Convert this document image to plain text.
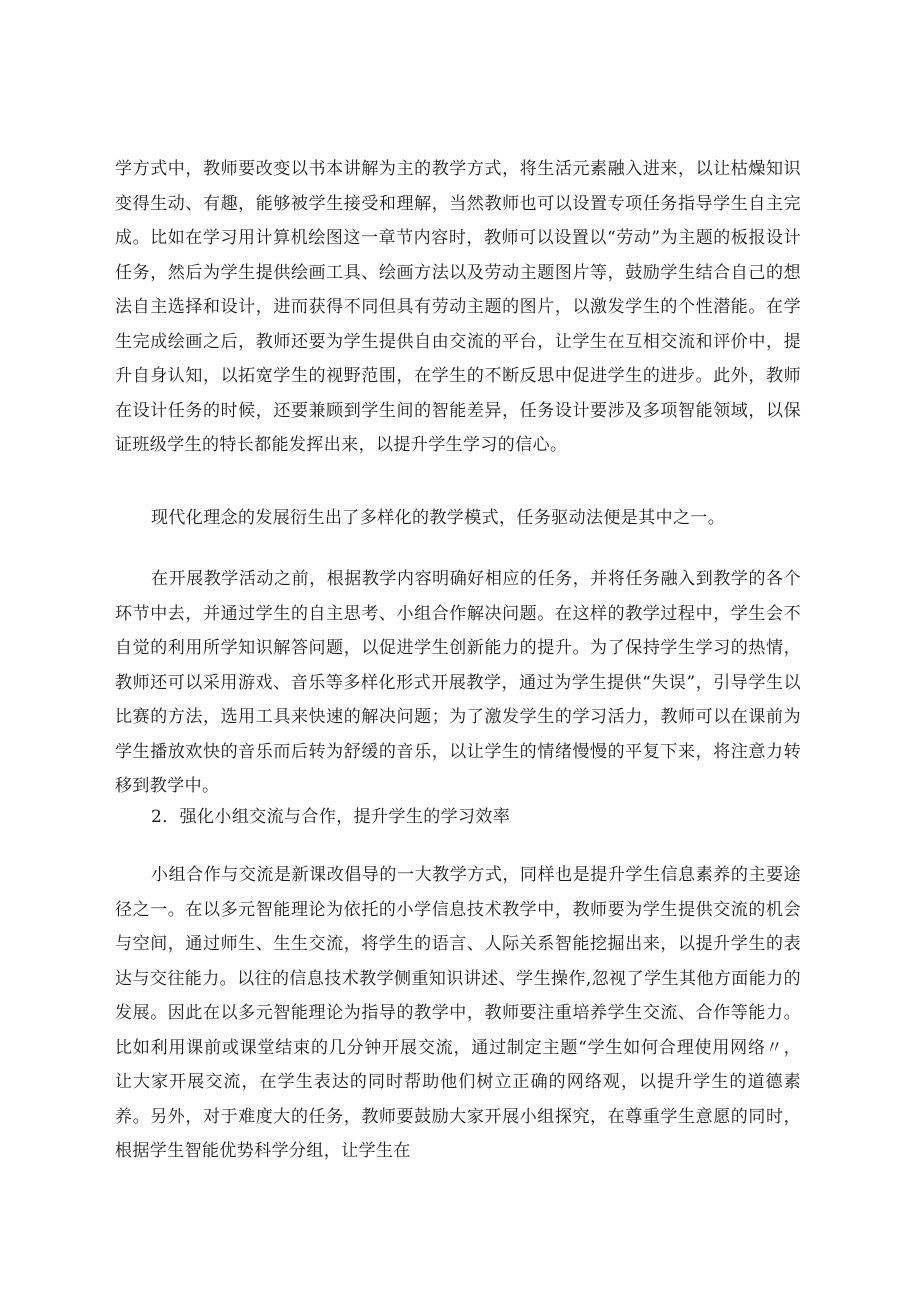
学方式中，教师要改变以书本讲解为主的教学方式，将生活元素融入进来，以让枯燥知识变得生动、有趣，能够被学生接受和理解，当然教师也可以设置专项任务指导学生自主完成。比如在学习用计算机绘图这一章节内容时，教师可以设置以“劳动”为主题的板报设计任务，然后为学生提供绘画工具、绘画方法以及劳动主题图片等，鼓励学生结合自己的想法自主选择和设计，进而获得不同但具有劳动主题的图片，以激发学生的个性潜能。在学生完成绘画之后，教师还要为学生提供自由交流的平台，让学生在互相交流和评价中，提升自身认知，以拓宽学生的视野范围，在学生的不断反思中促进学生的进步。此外，教师在设计任务的时候，还要兼顾到学生间的智能差异，任务设计要涉及多项智能领域，以保证班级学生的特长都能发挥出来，以提升学生学习的信心。

现代化理念的发展衍生出了多样化的教学模式，任务驱动法便是其中之一。

在开展教学活动之前，根据教学内容明确好相应的任务，并将任务融入到教学的各个环节中去，并通过学生的自主思考、小组合作解决问题。在这样的教学过程中，学生会不自觉的利用所学知识解答问题，以促进学生创新能力的提升。为了保持学生学习的热情，教师还可以采用游戏、音乐等多样化形式开展教学，通过为学生提供“失误”，引导学生以比赛的方法，选用工具来快速的解决问题；为了激发学生的学习活力，教师可以在课前为学生播放欢快的音乐而后转为舒缓的音乐，以让学生的情绪慢慢的平复下来，将注意力转移到教学中。

2．强化小组交流与合作，提升学生的学习效率

小组合作与交流是新课改倡导的一大教学方式，同样也是提升学生信息素养的主要途径之一。在以多元智能理论为依托的小学信息技术教学中，教师要为学生提供交流的机会与空间，通过师生、生生交流，将学生的语言、人际关系智能挖掘出来，以提升学生的表达与交往能力。以往的信息技术教学侧重知识讲述、学生操作,忽视了学生其他方面能力的发展。因此在以多元智能理论为指导的教学中，教师要注重培养学生交流、合作等能力。比如利用课前或课堂结束的几分钟开展交流，通过制定主题“学生如何合理使用网络〃，让大家开展交流，在学生表达的同时帮助他们树立正确的网络观，以提升学生的道德素养。另外，对于难度大的任务，教师要鼓励大家开展小组探究，在尊重学生意愿的同时，根据学生智能优势科学分组，让学生在
